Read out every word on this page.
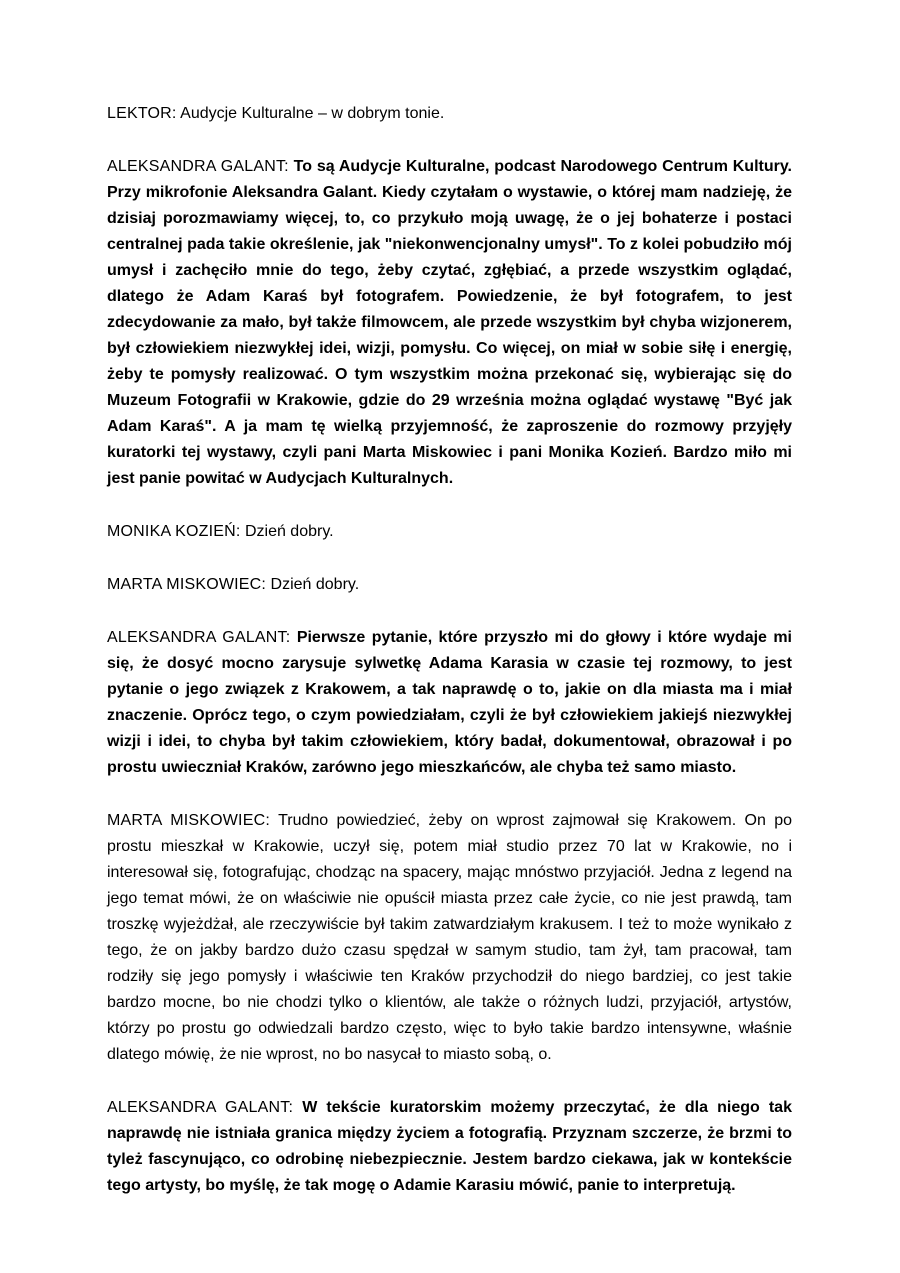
LEKTOR: Audycje Kulturalne – w dobrym tonie.

ALEKSANDRA GALANT: To są Audycje Kulturalne, podcast Narodowego Centrum Kultury. Przy mikrofonie Aleksandra Galant. Kiedy czytałam o wystawie, o której mam nadzieję, że dzisiaj porozmawiamy więcej, to, co przykuło moją uwagę, że o jej bohaterze i postaci centralnej pada takie określenie, jak "niekonwencjonalny umysł". To z kolei pobudziło mój umysł i zachęciło mnie do tego, żeby czytać, zgłębiać, a przede wszystkim oglądać, dlatego że Adam Karaś był fotografem. Powiedzenie, że był fotografem, to jest zdecydowanie za mało, był także filmowcem, ale przede wszystkim był chyba wizjonerem, był człowiekiem niezwykłej idei, wizji, pomysłu. Co więcej, on miał w sobie siłę i energię, żeby te pomysły realizować. O tym wszystkim można przekonać się, wybierając się do Muzeum Fotografii w Krakowie, gdzie do 29 września można oglądać wystawę "Być jak Adam Karaś". A ja mam tę wielką przyjemność, że zaproszenie do rozmowy przyjęły kuratorki tej wystawy, czyli pani Marta Miskowiec i pani Monika Kozień. Bardzo miło mi jest panie powitać w Audycjach Kulturalnych.

MONIKA KOZIEŃ: Dzień dobry.

MARTA MISKOWIEC: Dzień dobry.

ALEKSANDRA GALANT: Pierwsze pytanie, które przyszło mi do głowy i które wydaje mi się, że dosyć mocno zarysuje sylwetkę Adama Karasia w czasie tej rozmowy, to jest pytanie o jego związek z Krakowem, a tak naprawdę o to, jakie on dla miasta ma i miał znaczenie. Oprócz tego, o czym powiedziałam, czyli że był człowiekiem jakiejś niezwykłej wizji i idei, to chyba był takim człowiekiem, który badał, dokumentował, obrazował i po prostu uwieczniał Kraków, zarówno jego mieszkańców, ale chyba też samo miasto.

MARTA MISKOWIEC: Trudno powiedzieć, żeby on wprost zajmował się Krakowem. On po prostu mieszkał w Krakowie, uczył się, potem miał studio przez 70 lat w Krakowie, no i interesował się, fotografując, chodząc na spacery, mając mnóstwo przyjaciół. Jedna z legend na jego temat mówi, że on właściwie nie opuścił miasta przez całe życie, co nie jest prawdą, tam troszkę wyjeżdżał, ale rzeczywiście był takim zatwardziałym krakusem. I też to może wynikało z tego, że on jakby bardzo dużo czasu spędzał w samym studio, tam żył, tam pracował, tam rodziły się jego pomysły i właściwie ten Kraków przychodził do niego bardziej, co jest takie bardzo mocne, bo nie chodzi tylko o klientów, ale także o różnych ludzi, przyjaciół, artystów, którzy po prostu go odwiedzali bardzo często, więc to było takie bardzo intensywne, właśnie dlatego mówię, że nie wprost, no bo nasycał to miasto sobą, o.

ALEKSANDRA GALANT: W tekście kuratorskim możemy przeczytać, że dla niego tak naprawdę nie istniała granica między życiem a fotografią. Przyznam szczerze, że brzmi to tyleż fascynująco, co odrobinę niebezpiecznie. Jestem bardzo ciekawa, jak w kontekście tego artysty, bo myślę, że tak mogę o Adamie Karasiu mówić, panie to interpretują.
